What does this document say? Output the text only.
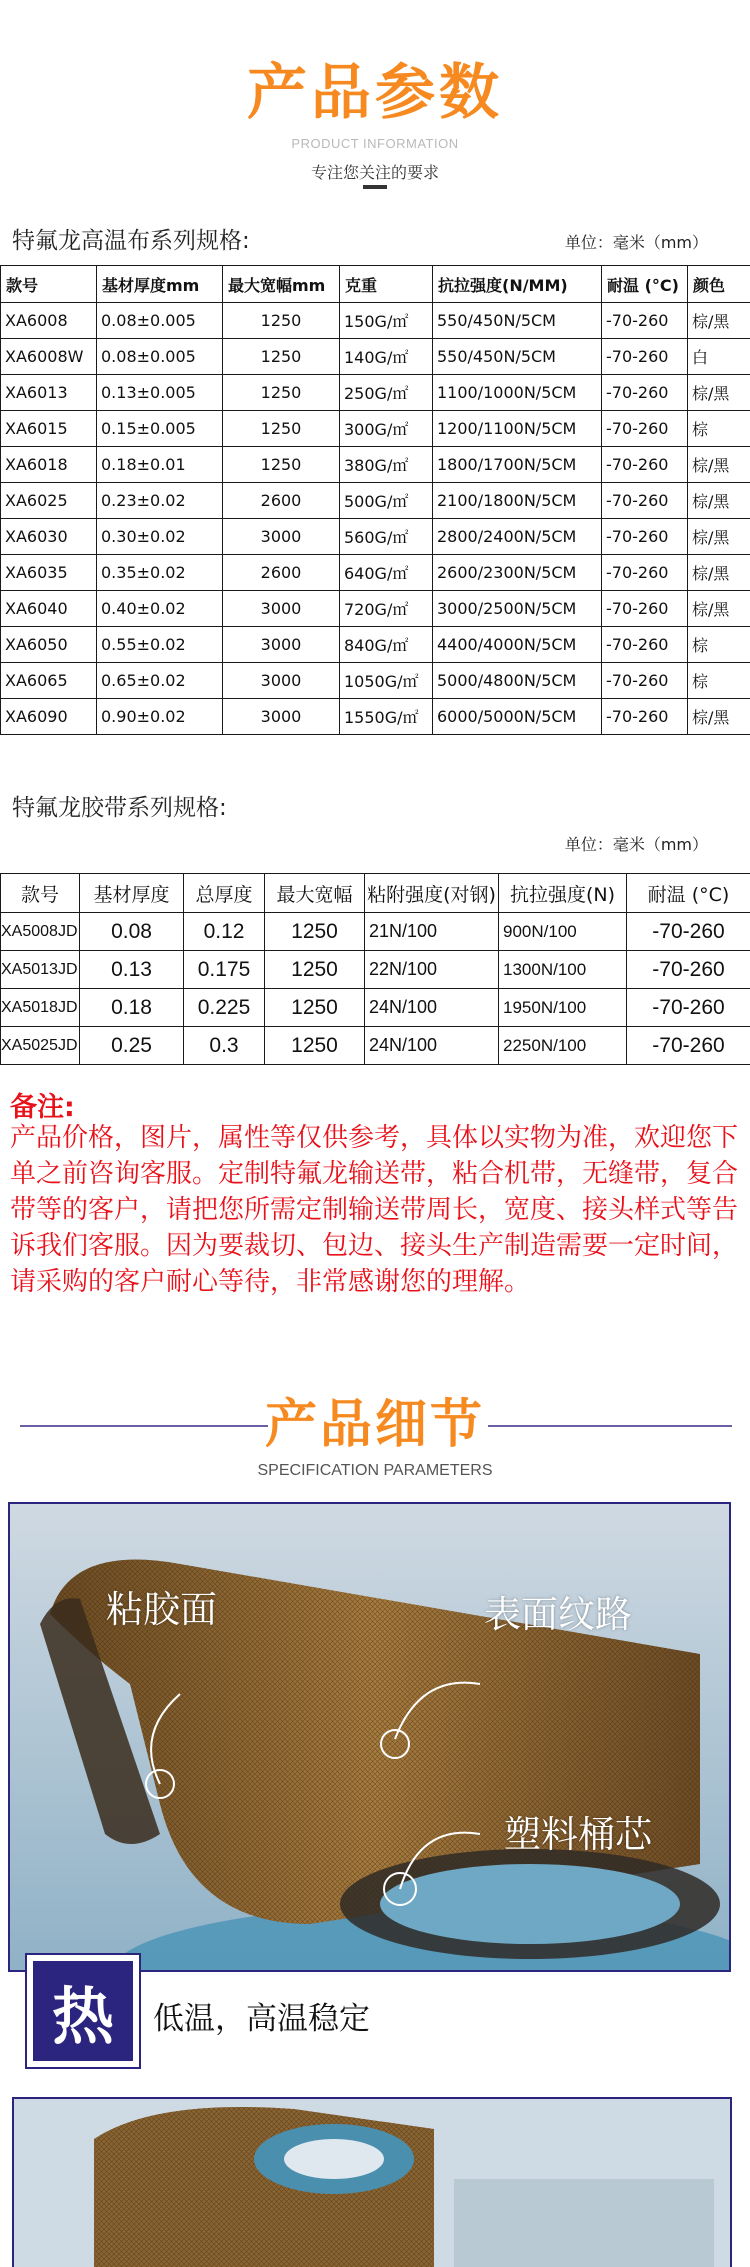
产品参数
PRODUCT INFORMATION
专注您关注的要求
特氟龙高温布系列规格:	单位：毫米（mm）
款号	基材厚度mm	最大宽幅mm	克重	抗拉强度(N/MM)	耐温 (°C)	颜色
XA6008	0.08±0.005	1250	150G/㎡	550/450N/5CM	-70-260	棕/黑
XA6008W	0.08±0.005	1250	140G/㎡	550/450N/5CM	-70-260	白
XA6013	0.13±0.005	1250	250G/㎡	1100/1000N/5CM	-70-260	棕/黑
XA6015	0.15±0.005	1250	300G/㎡	1200/1100N/5CM	-70-260	棕
XA6018	0.18±0.01	1250	380G/㎡	1800/1700N/5CM	-70-260	棕/黑
XA6025	0.23±0.02	2600	500G/㎡	2100/1800N/5CM	-70-260	棕/黑
XA6030	0.30±0.02	3000	560G/㎡	2800/2400N/5CM	-70-260	棕/黑
XA6035	0.35±0.02	2600	640G/㎡	2600/2300N/5CM	-70-260	棕/黑
XA6040	0.40±0.02	3000	720G/㎡	3000/2500N/5CM	-70-260	棕/黑
XA6050	0.55±0.02	3000	840G/㎡	4400/4000N/5CM	-70-260	棕
XA6065	0.65±0.02	3000	1050G/㎡	5000/4800N/5CM	-70-260	棕
XA6090	0.90±0.02	3000	1550G/㎡	6000/5000N/5CM	-70-260	棕/黑
特氟龙胶带系列规格:
单位：毫米（mm）
款号	基材厚度	总厚度	最大宽幅	粘附强度(对钢)	抗拉强度(N)	耐温 (°C)
XA5008JD	0.08	0.12	1250	21N/100	900N/100	-70-260
XA5013JD	0.13	0.175	1250	22N/100	1300N/100	-70-260
XA5018JD	0.18	0.225	1250	24N/100	1950N/100	-70-260
XA5025JD	0.25	0.3	1250	24N/100	2250N/100	-70-260
备注:
产品价格，图片，属性等仅供参考，具体以实物为准，欢迎您下单之前咨询客服。定制特氟龙输送带，粘合机带，无缝带，复合带等的客户，请把您所需定制输送带周长，宽度、接头样式等告诉我们客服。因为要裁切、包边、接头生产制造需要一定时间，请采购的客户耐心等待，非常感谢您的理解。
产品细节
SPECIFICATION PARAMETERS
粘胶面	表面纹路
塑料桶芯
热	低温，高温稳定
